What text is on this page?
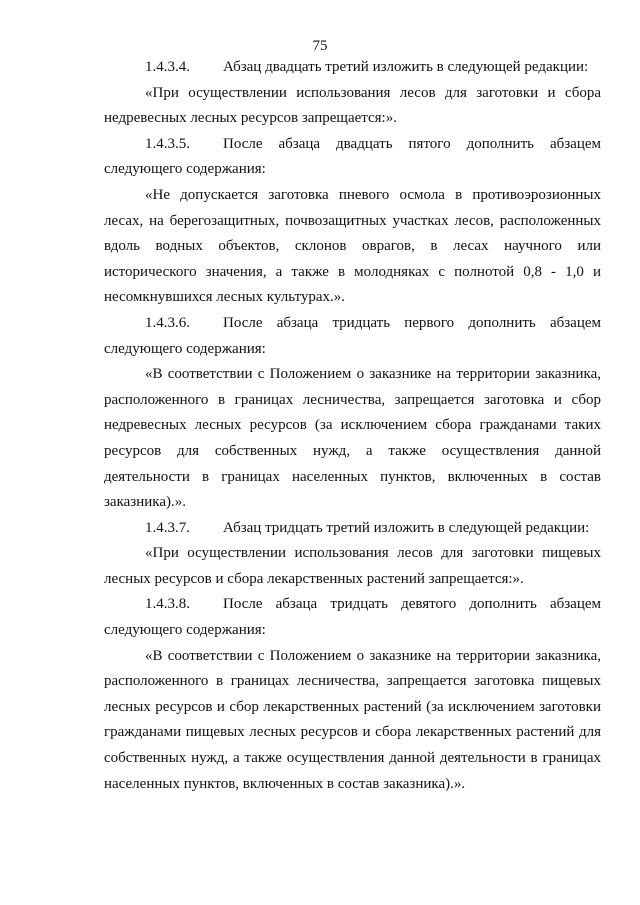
75

1.4.3.4. Абзац двадцать третий изложить в следующей редакции:

«При осуществлении использования лесов для заготовки и сбора недревесных лесных ресурсов запрещается:».

1.4.3.5. После абзаца двадцать пятого дополнить абзацем следующего содержания:

«Не допускается заготовка пневого осмола в противоэрозионных лесах, на берегозащитных, почвозащитных участках лесов, расположенных вдоль водных объектов, склонов оврагов, в лесах научного или исторического значения, а также в молодняках с полнотой 0,8 - 1,0 и несомкнувшихся лесных культурах.».

1.4.3.6. После абзаца тридцать первого дополнить абзацем следующего содержания:

«В соответствии с Положением о заказнике на территории заказника, расположенного в границах лесничества, запрещается заготовка и сбор недревесных лесных ресурсов (за исключением сбора гражданами таких ресурсов для собственных нужд, а также осуществления данной деятельности в границах населенных пунктов, включенных в состав заказника).».

1.4.3.7. Абзац тридцать третий изложить в следующей редакции:

«При осуществлении использования лесов для заготовки пищевых лесных ресурсов и сбора лекарственных растений запрещается:».

1.4.3.8. После абзаца тридцать девятого дополнить абзацем следующего содержания:

«В соответствии с Положением о заказнике на территории заказника, расположенного в границах лесничества, запрещается заготовка пищевых лесных ресурсов и сбор лекарственных растений (за исключением заготовки гражданами пищевых лесных ресурсов и сбора лекарственных растений для собственных нужд, а также осуществления данной деятельности в границах населенных пунктов, включенных в состав заказника).».
